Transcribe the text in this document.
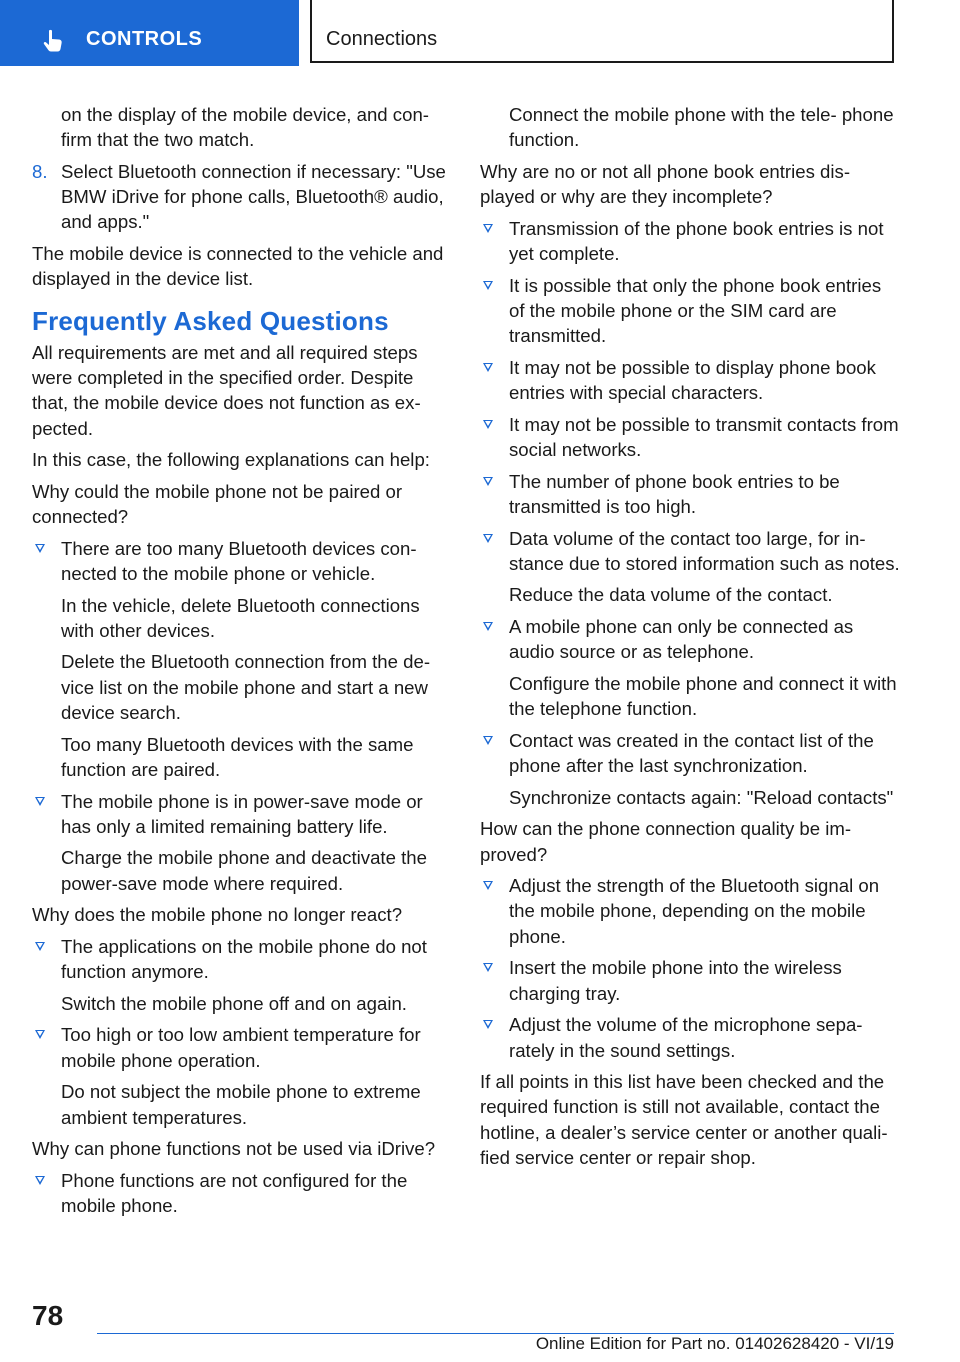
CONTROLS	Connections

on the display of the mobile device, and con‐ firm that the two match.

8. Select Bluetooth connection if necessary: "Use BMW iDrive for phone calls, Bluetooth® audio, and apps."

The mobile device is connected to the vehicle and displayed in the device list.

Frequently Asked Questions

All requirements are met and all required steps were completed in the specified order. Despite that, the mobile device does not function as ex‐ pected.

In this case, the following explanations can help:

Why could the mobile phone not be paired or connected?

There are too many Bluetooth devices con‐ nected to the mobile phone or vehicle.

In the vehicle, delete Bluetooth connections with other devices.

Delete the Bluetooth connection from the de‐ vice list on the mobile phone and start a new device search.

Too many Bluetooth devices with the same function are paired.

The mobile phone is in power-save mode or has only a limited remaining battery life.

Charge the mobile phone and deactivate the power-save mode where required.

Why does the mobile phone no longer react?

The applications on the mobile phone do not function anymore.

Switch the mobile phone off and on again.

Too high or too low ambient temperature for mobile phone operation.

Do not subject the mobile phone to extreme ambient temperatures.

Why can phone functions not be used via iDrive?

Phone functions are not configured for the mobile phone.

Connect the mobile phone with the tele‐ phone function.

Why are no or not all phone book entries dis‐ played or why are they incomplete?

Transmission of the phone book entries is not yet complete.

It is possible that only the phone book entries of the mobile phone or the SIM card are transmitted.

It may not be possible to display phone book entries with special characters.

It may not be possible to transmit contacts from social networks.

The number of phone book entries to be transmitted is too high.

Data volume of the contact too large, for in‐ stance due to stored information such as notes.

Reduce the data volume of the contact.

A mobile phone can only be connected as audio source or as telephone.

Configure the mobile phone and connect it with the telephone function.

Contact was created in the contact list of the phone after the last synchronization.

Synchronize contacts again: "Reload contacts"

How can the phone connection quality be im‐ proved?

Adjust the strength of the Bluetooth signal on the mobile phone, depending on the mobile phone.

Insert the mobile phone into the wireless charging tray.

Adjust the volume of the microphone sepa‐ rately in the sound settings.

If all points in this list have been checked and the required function is still not available, contact the hotline, a dealer’s service center or another quali‐ fied service center or repair shop.

78
Online Edition for Part no. 01402628420 - VI/19
